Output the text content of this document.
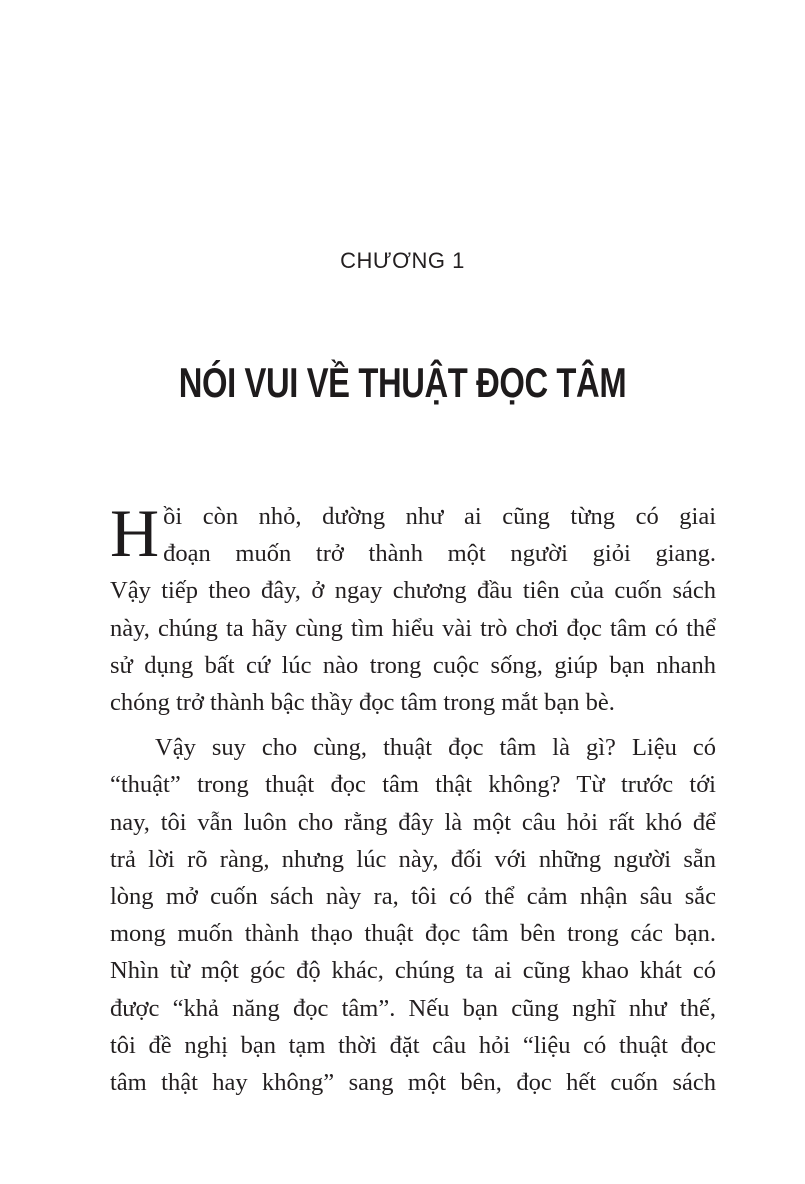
CHƯƠNG 1
NÓI VUI VỀ THUẬT ĐỌC TÂM
H ồi còn nhỏ, dường như ai cũng từng có giai
đoạn muốn trở thành một người giỏi giang.
Vậy tiếp theo đây, ở ngay chương đầu tiên của cuốn sách
này, chúng ta hãy cùng tìm hiểu vài trò chơi đọc tâm có thể
sử dụng bất cứ lúc nào trong cuộc sống, giúp bạn nhanh
chóng trở thành bậc thầy đọc tâm trong mắt bạn bè.
Vậy suy cho cùng, thuật đọc tâm là gì? Liệu có
“thuật” trong thuật đọc tâm thật không? Từ trước tới
nay, tôi vẫn luôn cho rằng đây là một câu hỏi rất khó để
trả lời rõ ràng, nhưng lúc này, đối với những người sẵn
lòng mở cuốn sách này ra, tôi có thể cảm nhận sâu sắc
mong muốn thành thạo thuật đọc tâm bên trong các bạn.
Nhìn từ một góc độ khác, chúng ta ai cũng khao khát có
được “khả năng đọc tâm”. Nếu bạn cũng nghĩ như thế,
tôi đề nghị bạn tạm thời đặt câu hỏi “liệu có thuật đọc
tâm thật hay không” sang một bên, đọc hết cuốn sách
